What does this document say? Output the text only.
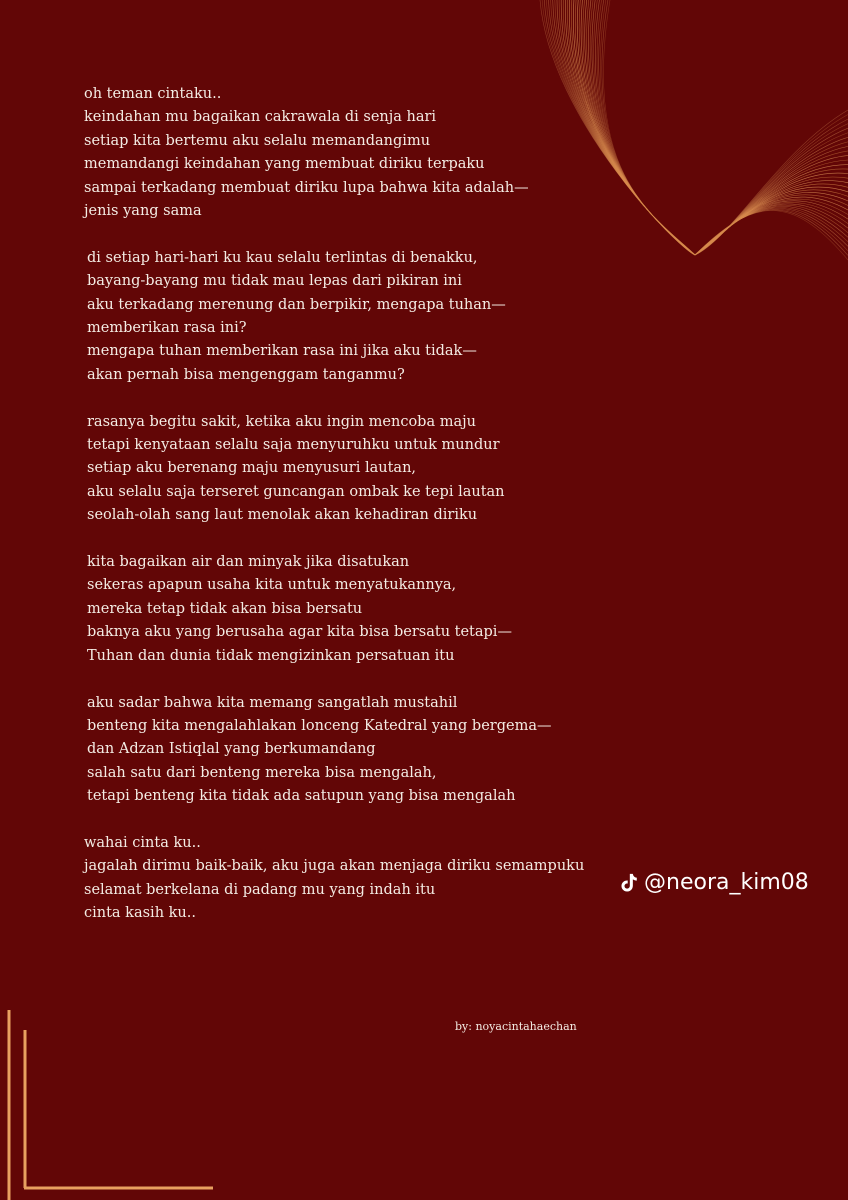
oh teman cintaku..
keindahan mu bagaikan cakrawala di senja hari
setiap kita bertemu aku selalu memandangimu
memandangi keindahan yang membuat diriku terpaku
sampai terkadang membuat diriku lupa bahwa kita adalah—
jenis yang sama
di setiap hari-hari ku kau selalu terlintas di benakku,
bayang-bayang mu tidak mau lepas dari pikiran ini
aku terkadang merenung dan berpikir, mengapa tuhan—
memberikan rasa ini?
mengapa tuhan memberikan rasa ini jika aku tidak—
akan pernah bisa mengenggam tanganmu?
rasanya begitu sakit, ketika aku ingin mencoba maju
tetapi kenyataan selalu saja menyuruhku untuk mundur
setiap aku berenang maju menyusuri lautan,
aku selalu saja terseret guncangan ombak ke tepi lautan
seolah-olah sang laut menolak akan kehadiran diriku
kita bagaikan air dan minyak jika disatukan
sekeras apapun usaha kita untuk menyatukannya,
mereka tetap tidak akan bisa bersatu
baknya aku yang berusaha agar kita bisa bersatu tetapi—
Tuhan dan dunia tidak mengizinkan persatuan itu
aku sadar bahwa kita memang sangatlah mustahil
benteng kita mengalahlakan lonceng Katedral yang bergema—
dan Adzan Istiqlal yang berkumandang
salah satu dari benteng mereka bisa mengalah,
tetapi benteng kita tidak ada satupun yang bisa mengalah
wahai cinta ku..
jagalah dirimu baik-baik, aku juga akan menjaga diriku semampuku
selamat berkelana di padang mu yang indah itu
cinta kasih ku..
@neora_kim08
by: noyacintahaechan
